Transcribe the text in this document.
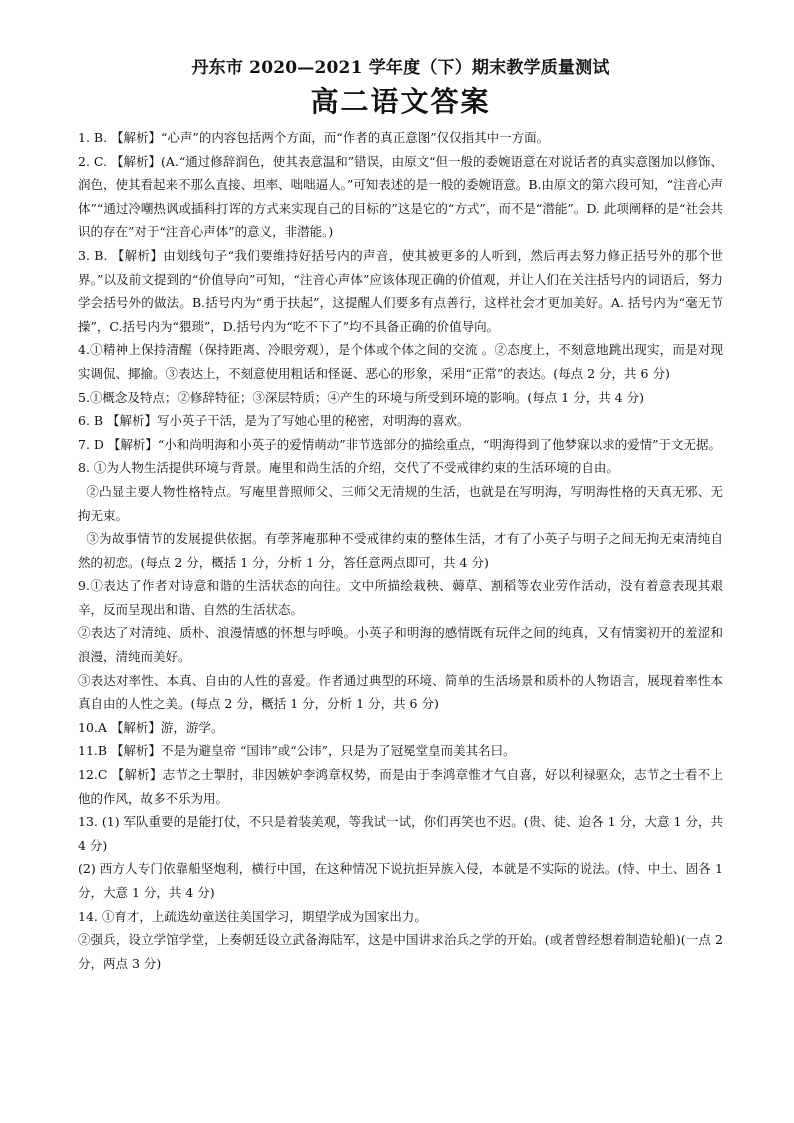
丹东市 2020—2021 学年度（下）期末教学质量测试
高二语文答案

1. B. 【解析】“心声”的内容包括两个方面，而“作者的真正意图”仅仅指其中一方面。

2. C. 【解析】(A.“通过修辞润色，使其表意温和”错误，由原文“但一般的委婉语意在对说话者的真实意图加以修饰、润色，使其看起来不那么直接、坦率、咄咄逼人。”可知表述的是一般的委婉语意。B.由原文的第六段可知，“注音心声体”“通过冷嘲热讽或插科打诨的方式来实现自己的目标的”这是它的“方式”，而不是“潜能”。D. 此项阐释的是“社会共识的存在”对于“注音心声体”的意义，非潜能。)

3. B. 【解析】由划线句子“我们要维持好括号内的声音，使其被更多的人听到，然后再去努力修正括号外的那个世界。”以及前文提到的“价值导向”可知，“注音心声体”应该体现正确的价值观，并让人们在关注括号内的词语后，努力学会括号外的做法。B.括号内为“勇于扶起”，这提醒人们要多有点善行，这样社会才更加美好。A. 括号内为“毫无节操”，C.括号内为“猥琐”，D.括号内为“吃不下了”均不具备正确的价值导向。

4.①精神上保持清醒（保持距离、冷眼旁观），是个体或个体之间的交流 。②态度上，不刻意地跳出现实，而是对现实调侃、揶揄。③表达上，不刻意使用粗话和怪诞、恶心的形象，采用“正常”的表达。(每点 2 分，共 6 分)

5.①概念及特点；②修辞特征；③深层特质；④产生的环境与所受到环境的影响。(每点 1 分，共 4 分)

6. B 【解析】写小英子干活，是为了写她心里的秘密，对明海的喜欢。

7. D 【解析】“小和尚明海和小英子的爱情萌动”非节选部分的描绘重点，“明海得到了他梦寐以求的爱情”于文无据。

8. ①为人物生活提供环境与背景。庵里和尚生活的介绍，交代了不受戒律约束的生活环境的自由。

②凸显主要人物性格特点。写庵里普照师父、三师父无清规的生活，也就是在写明海，写明海性格的天真无邪、无拘无束。

③为故事情节的发展提供依据。有荸荠庵那种不受戒律约束的整体生活，才有了小英子与明子之间无拘无束清纯自然的初恋。(每点 2 分，概括 1 分，分析 1 分，答任意两点即可，共 4 分)

9.①表达了作者对诗意和谐的生活状态的向往。文中所描绘栽秧、薅草、割稻等农业劳作活动，没有着意表现其艰辛，反而呈现出和谐、自然的生活状态。

②表达了对清纯、质朴、浪漫情感的怀想与呼唤。小英子和明海的感情既有玩伴之间的纯真，又有情窦初开的羞涩和浪漫，清纯而美好。

③表达对率性、本真、自由的人性的喜爱。作者通过典型的环境、简单的生活场景和质朴的人物语言，展现着率性本真自由的人性之美。(每点 2 分，概括 1 分，分析 1 分，共 6 分)

10.A 【解析】游，游学。

11.B 【解析】不是为避皇帝 “国讳”或“公讳”，只是为了冠冕堂皇而美其名曰。

12.C 【解析】志节之士掣肘，非因嫉妒李鸿章权势，而是由于李鸿章惟才气自喜，好以利禄驱众，志节之士看不上他的作风，故多不乐为用。

13. (1) 军队重要的是能打仗，不只是着装美观，等我试一试，你们再笑也不迟。(贵、徒、迨各 1 分，大意 1 分，共 4 分)

(2) 西方人专门依靠船坚炮利，横行中国，在这种情况下说抗拒异族入侵，本就是不实际的说法。(恃、中土、固各 1 分，大意 1 分，共 4 分)

14. ①育才，上疏选幼童送往美国学习，期望学成为国家出力。

②强兵，设立学馆学堂，上奏朝廷设立武备海陆军，这是中国讲求治兵之学的开始。(或者曾经想着制造轮船)(一点 2 分，两点 3 分)
